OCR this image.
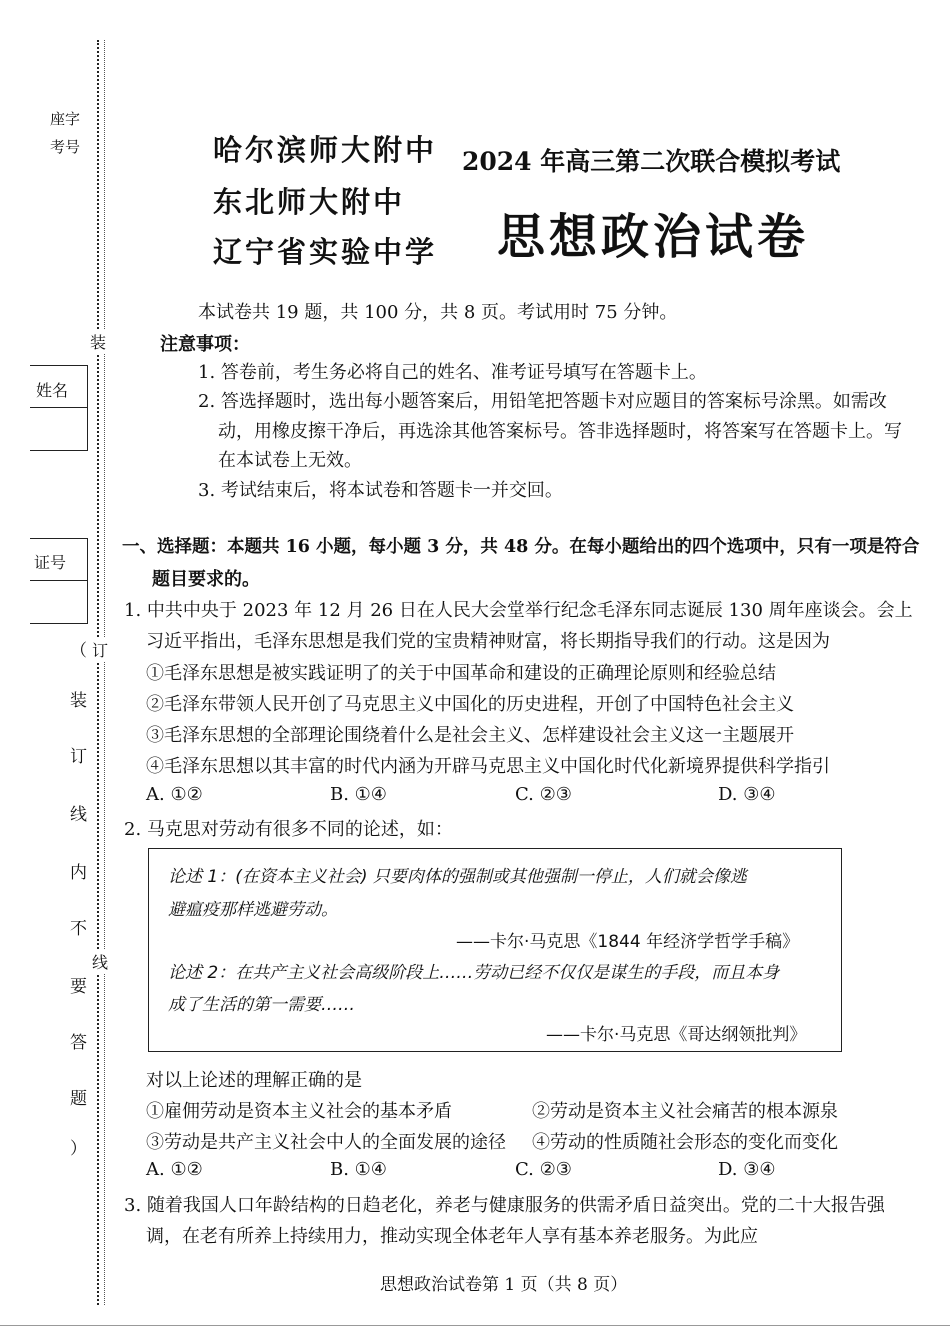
座字
考号
姓名
证号
装
订
线
（
装
订
线
内
不
要
答
题
）
哈尔滨师大附中
东北师大附中
辽宁省实验中学
2024 年高三第二次联合模拟考试
思想政治试卷
本试卷共 19 题，共 100 分，共 8 页。考试用时 75 分钟。
注意事项：
1. 答卷前，考生务必将自己的姓名、准考证号填写在答题卡上。
2. 答选择题时，选出每小题答案后，用铅笔把答题卡对应题目的答案标号涂黑。如需改
动，用橡皮擦干净后，再选涂其他答案标号。答非选择题时，将答案写在答题卡上。写
在本试卷上无效。
3. 考试结束后，将本试卷和答题卡一并交回。
一、选择题：本题共 16 小题，每小题 3 分，共 48 分。在每小题给出的四个选项中，只有一项是符合
题目要求的。
1. 中共中央于 2023 年 12 月 26 日在人民大会堂举行纪念毛泽东同志诞辰 130 周年座谈会。会上
习近平指出，毛泽东思想是我们党的宝贵精神财富，将长期指导我们的行动。这是因为
①毛泽东思想是被实践证明了的关于中国革命和建设的正确理论原则和经验总结
②毛泽东带领人民开创了马克思主义中国化的历史进程，开创了中国特色社会主义
③毛泽东思想的全部理论围绕着什么是社会主义、怎样建设社会主义这一主题展开
④毛泽东思想以其丰富的时代内涵为开辟马克思主义中国化时代化新境界提供科学指引
A. ①②	B. ①④	C. ②③	D. ③④
2. 马克思对劳动有很多不同的论述，如：
论述 1：(在资本主义社会) 只要肉体的强制或其他强制一停止，人们就会像逃
避瘟疫那样逃避劳动。
——卡尔·马克思《1844 年经济学哲学手稿》
论述 2：在共产主义社会高级阶段上……劳动已经不仅仅是谋生的手段，而且本身
成了生活的第一需要……
——卡尔·马克思《哥达纲领批判》
对以上论述的理解正确的是
①雇佣劳动是资本主义社会的基本矛盾	②劳动是资本主义社会痛苦的根本源泉
③劳动是共产主义社会中人的全面发展的途径 ④劳动的性质随社会形态的变化而变化
A. ①②	B. ①④	C. ②③	D. ③④
3. 随着我国人口年龄结构的日趋老化，养老与健康服务的供需矛盾日益突出。党的二十大报告强
调，在老有所养上持续用力，推动实现全体老年人享有基本养老服务。为此应
思想政治试卷第 1 页（共 8 页）
